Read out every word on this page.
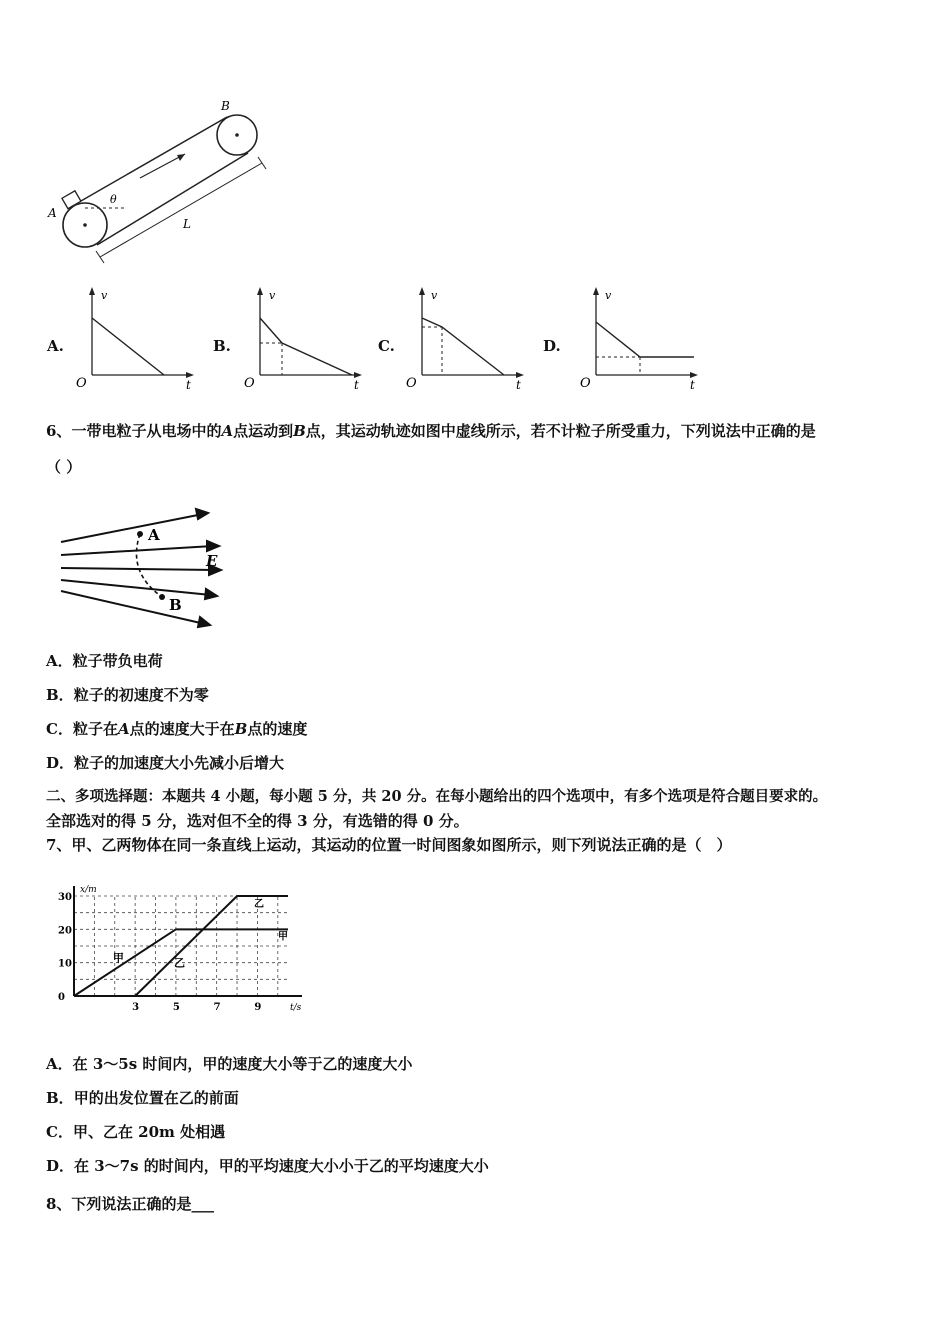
A
B
θ
L
A.
v
t
O
B.
v
t
O
C.
v
t
O
D.
v
t
O
6、一带电粒子从电场中的A点运动到B点，其运动轨迹如图中虚线所示，若不计粒子所受重力，下列说法中正确的是
（ ）
A
B
E
A．粒子带负电荷
B．粒子的初速度不为零
C．粒子在A点的速度大于在B点的速度
D．粒子的加速度大小先减小后增大
二、多项选择题：本题共 4 小题，每小题 5 分，共 20 分。在每小题给出的四个选项中，有多个选项是符合题目要求的。
全部选对的得 5 分，选对但不全的得 3 分，有选错的得 0 分。
7、甲、乙两物体在同一条直线上运动，其运动的位置一时间图象如图所示，则下列说法正确的是（　）
3	5	7	9
0
10
20
30
x/m
t/s
甲	乙
甲
乙
A．在 3～5s 时间内，甲的速度大小等于乙的速度大小
B．甲的出发位置在乙的前面
C．甲、乙在 20m 处相遇
D．在 3～7s 的时间内，甲的平均速度大小小于乙的平均速度大小
8、下列说法正确的是___
